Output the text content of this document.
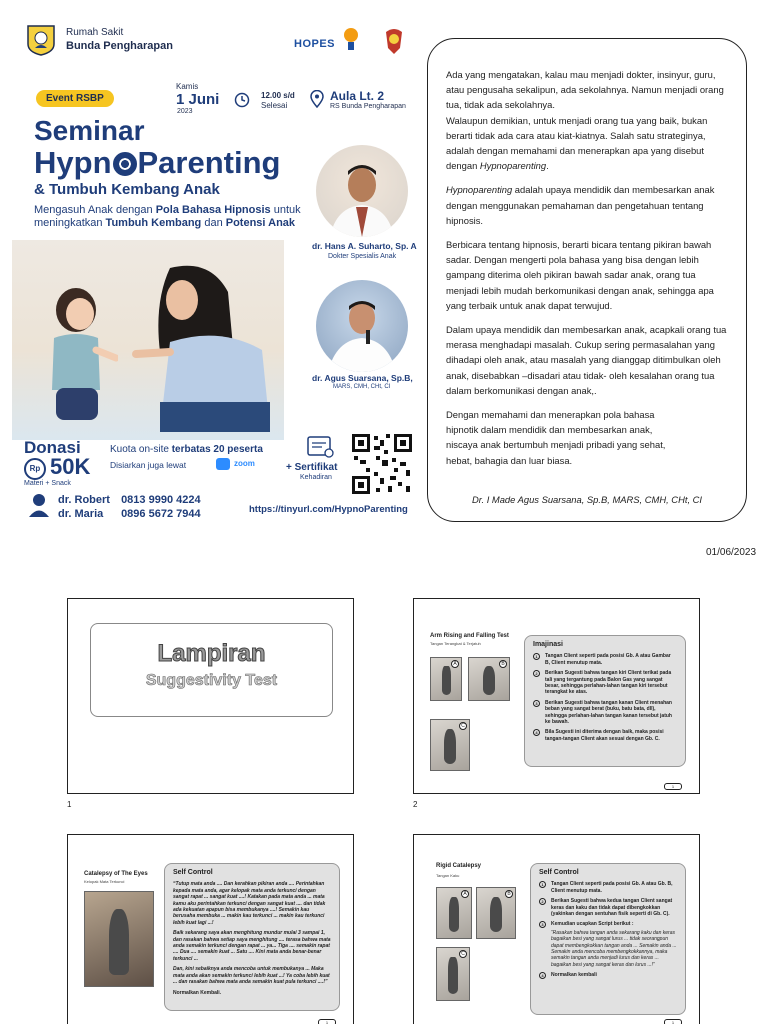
Rumah Sakit
Bunda Pengharapan	HOPES
Event RSBP
Kamis
1 Juni
2023
12.00 s/d
Selesai
Aula Lt. 2
RS Bunda Pengharapan
Seminar
Hypn Parenting
& Tumbuh Kembang Anak
Mengasuh Anak dengan Pola Bahasa Hipnosis untuk meningkatkan Tumbuh Kembang dan Potensi Anak
dr. Hans A. Suharto, Sp. A
Dokter Spesialis Anak
dr. Agus Suarsana, Sp.B,
MARS, CMH, CHt, CI
Donasi
Rp 50K
Materi + Snack
Kuota on-site terbatas 20 peserta
Disiarkan juga lewat	zoom	+ Sertifikat
Kehadiran
dr. Robert 0813 9990 4224
dr. Maria 0896 5672 7944	https://tinyurl.com/HypnoParenting

Ada yang mengatakan, kalau mau menjadi dokter, insinyur, guru, atau pengusaha sekalipun, ada sekolahnya. Namun menjadi orang tua, tidak ada sekolahnya.
Walaupun demikian, untuk menjadi orang tua yang baik, bukan berarti tidak ada cara atau kiat-kiatnya. Salah satu strateginya, adalah dengan memahami dan menerapkan apa yang disebut dengan Hypnoparenting.

Hypnoparenting adalah upaya mendidik dan membesarkan anak dengan menggunakan pemahaman dan pengetahuan tentang hipnosis.

Berbicara tentang hipnosis, berarti bicara tentang pikiran bawah sadar. Dengan mengerti pola bahasa yang bisa dengan lebih gampang diterima oleh pikiran bawah sadar anak, orang tua menjadi lebih mudah berkomunikasi dengan anak, sehingga apa yang terbaik untuk anak dapat terwujud.

Dalam upaya mendidik dan membesarkan anak, acapkali orang tua merasa menghadapi masalah. Cukup sering permasalahan yang dihadapi oleh anak, atau masalah yang dianggap ditimbulkan oleh anak, disebabkan –disadari atau tidak- oleh kesalahan orang tua dalam berkomunikasi dengan anak,.

Dengan memahami dan menerapkan pola bahasa
hipnotik dalam mendidik dan membesarkan anak,
niscaya anak bertumbuh menjadi pribadi yang sehat,
hebat, bahagia dan luar biasa.

Dr. I Made Agus Suarsana, Sp.B, MARS, CMH, CHt, CI
01/06/2023
Lampiran
Suggestivity Test
1
Arm Rising and Falling Test
Tangan Terangkat & Terjatuh
A	B
C
Imajinasi
1	Tangan Client seperti pada posisi Gb. A atau Gambar B, Client menutup mata.
2	Berikan Sugesti bahwa tangan kiri Client terikat pada tali yang tergantung pada Balon Gas yang sangat besar, sehingga perlahan-lahan tangan kiri tersebut terangkat ke atas.
3	Berikan Sugesti bahwa tangan kanan Client menahan beban yang sangat berat (buku, batu bata, dll), sehingga perlahan-lahan tangan kanan tersebut jatuh ke bawah.
4	Bila Sugesti ini diterima dengan baik, maka posisi tangan-tangan Client akan sesuai dengan Gb. C.
1
2
Catalepsy of The Eyes
Kelopak Mata Terkunci
Self Control
“Tutup mata anda .... Dan kerahkan pikiran anda .... Perintahkan kepada mata anda, agar kelopak mata anda terkunci dengan sangat rapat ... sangat kuat ....! Katakan pada mata anda ... mata kamu aku perintahkan terkunci dengan sangat kuat .... dan tidak ada kekuatan apapun bisa membukanya ....! Semakin kau berusaha membuka ... makin kau terkunci ... makin kau terkunci lebih kuat lagi ...!
Baik sekarang saya akan menghitung mundur mulai 3 sampai 1, dan rasakan bahwa setiap saya menghitung .... terasa bahwa mata anda semakin terkunci dengan rapat ... ya... Tiga .... semakin rapat .... Dua .... semakin kuat ... Satu .... Kini mata anda benar-benar terkunci ...
Dan, kini sebaiknya anda mencoba untuk membukanya ... Maka mata anda akan semakin terkunci lebih kuat ...! Ya coba lebih kuat ... dan rasakan bahwa mata anda semakin kuat pula terkunci ....!”
Normalkan Kembali.
1
Rigid Catalepsy
Tangan Kaku
A	B
C
Self Control
1	Tangan Client seperti pada posisi Gb. A atau Gb. B, Client menutup mata.
2	Berikan Sugesti bahwa kedua tangan Client sangat keras dan kaku dan tidak dapat dibengkokkan (yakinkan dengan sentuhan fisik seperti di Gb. C).
3	Kemudian ucapkan Script berikut :
“Rasakan bahwa tangan anda sekarang kaku dan keras bagaikan besi yang sangat lurus ... tidak seorangpun dapat membengkokkan tangan anda ... Semakin anda ... Semakin anda mencoba membengkokkannya, maka semakin tangan anda menjadi lurus dan keras ... bagaikan besi yang sangat keras dan lurus ...!”
4	Normalkan kembali
1
